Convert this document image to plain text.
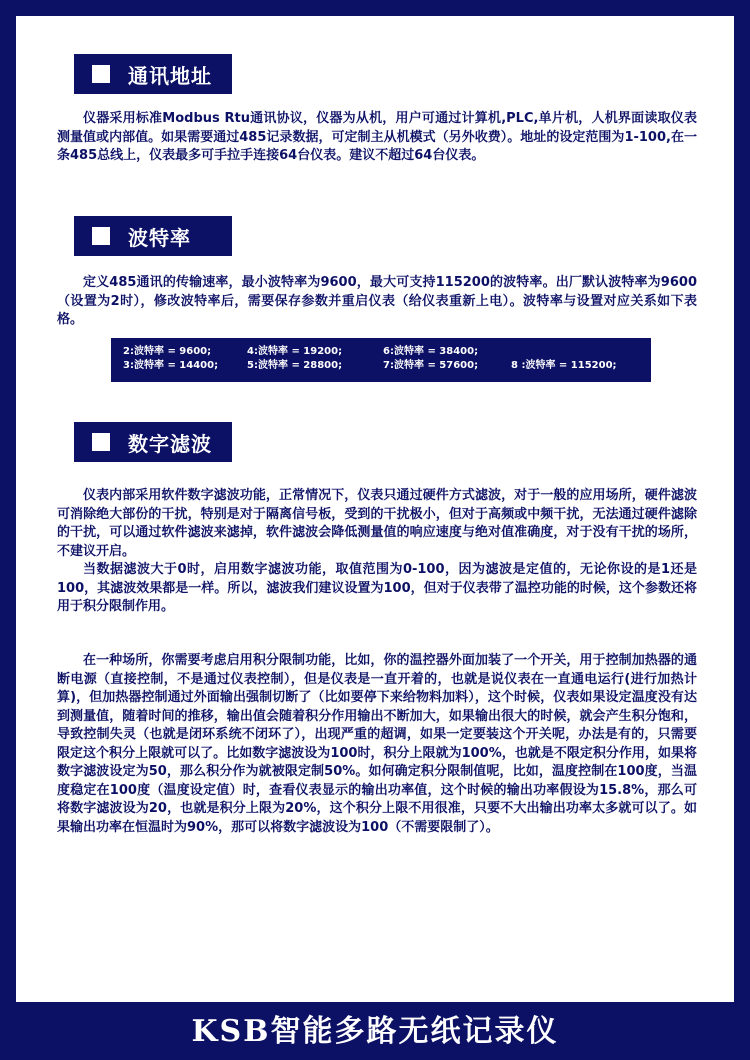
通讯地址
仪器采用标准Modbus Rtu通讯协议，仪器为从机，用户可通过计算机,PLC,单片机，人机界面读取仪表测量值或内部值。如果需要通过485记录数据，可定制主从机模式（另外收费）。地址的设定范围为1-100,在一条485总线上，仪表最多可手拉手连接64台仪表。建议不超过64台仪表。
波特率
定义485通讯的传输速率，最小波特率为9600，最大可支持115200的波特率。出厂默认波特率为9600（设置为2时），修改波特率后，需要保存参数并重启仪表（给仪表重新上电）。波特率与设置对应关系如下表格。
2:波特率 = 9600;	4:波特率 = 19200;	6:波特率 = 38400;
3:波特率 = 14400;	5:波特率 = 28800;	7:波特率 = 57600;	8 :波特率 = 115200;
数字滤波

仪表内部采用软件数字滤波功能，正常情况下，仪表只通过硬件方式滤波，对于一般的应用场所，硬件滤波可消除绝大部份的干扰，特别是对于隔离信号板，受到的干扰极小，但对于高频或中频干扰，无法通过硬件滤除的干扰，可以通过软件滤波来滤掉，软件滤波会降低测量值的响应速度与绝对值准确度，对于没有干扰的场所，不建议开启。

当数据滤波大于0时，启用数字滤波功能，取值范围为0-100，因为滤波是定值的，无论你设的是1还是100，其滤波效果都是一样。所以，滤波我们建议设置为100，但对于仪表带了温控功能的时候，这个参数还将用于积分限制作用。

在一种场所，你需要考虑启用积分限制功能，比如，你的温控器外面加装了一个开关，用于控制加热器的通断电源（直接控制，不是通过仪表控制），但是仪表是一直开着的，也就是说仪表在一直通电运行(进行加热计算)，但加热器控制通过外面输出强制切断了（比如要停下来给物料加料），这个时候，仪表如果设定温度没有达到测量值，随着时间的推移，输出值会随着积分作用输出不断加大，如果输出很大的时候，就会产生积分饱和，导致控制失灵（也就是闭环系统不闭环了），出现严重的超调，如果一定要装这个开关呢，办法是有的，只需要限定这个积分上限就可以了。比如数字滤波设为100时，积分上限就为100%，也就是不限定积分作用，如果将数字滤波设定为50，那么积分作为就被限定制50%。如何确定积分限制值呢，比如，温度控制在100度，当温度稳定在100度（温度设定值）时，查看仪表显示的输出功率值，这个时候的输出功率假设为15.8%，那么可将数字滤波设为20，也就是积分上限为20%，这个积分上限不用很准，只要不大出输出功率太多就可以了。如果输出功率在恒温时为90%，那可以将数字滤波设为100（不需要限制了）。
KSB智能多路无纸记录仪
